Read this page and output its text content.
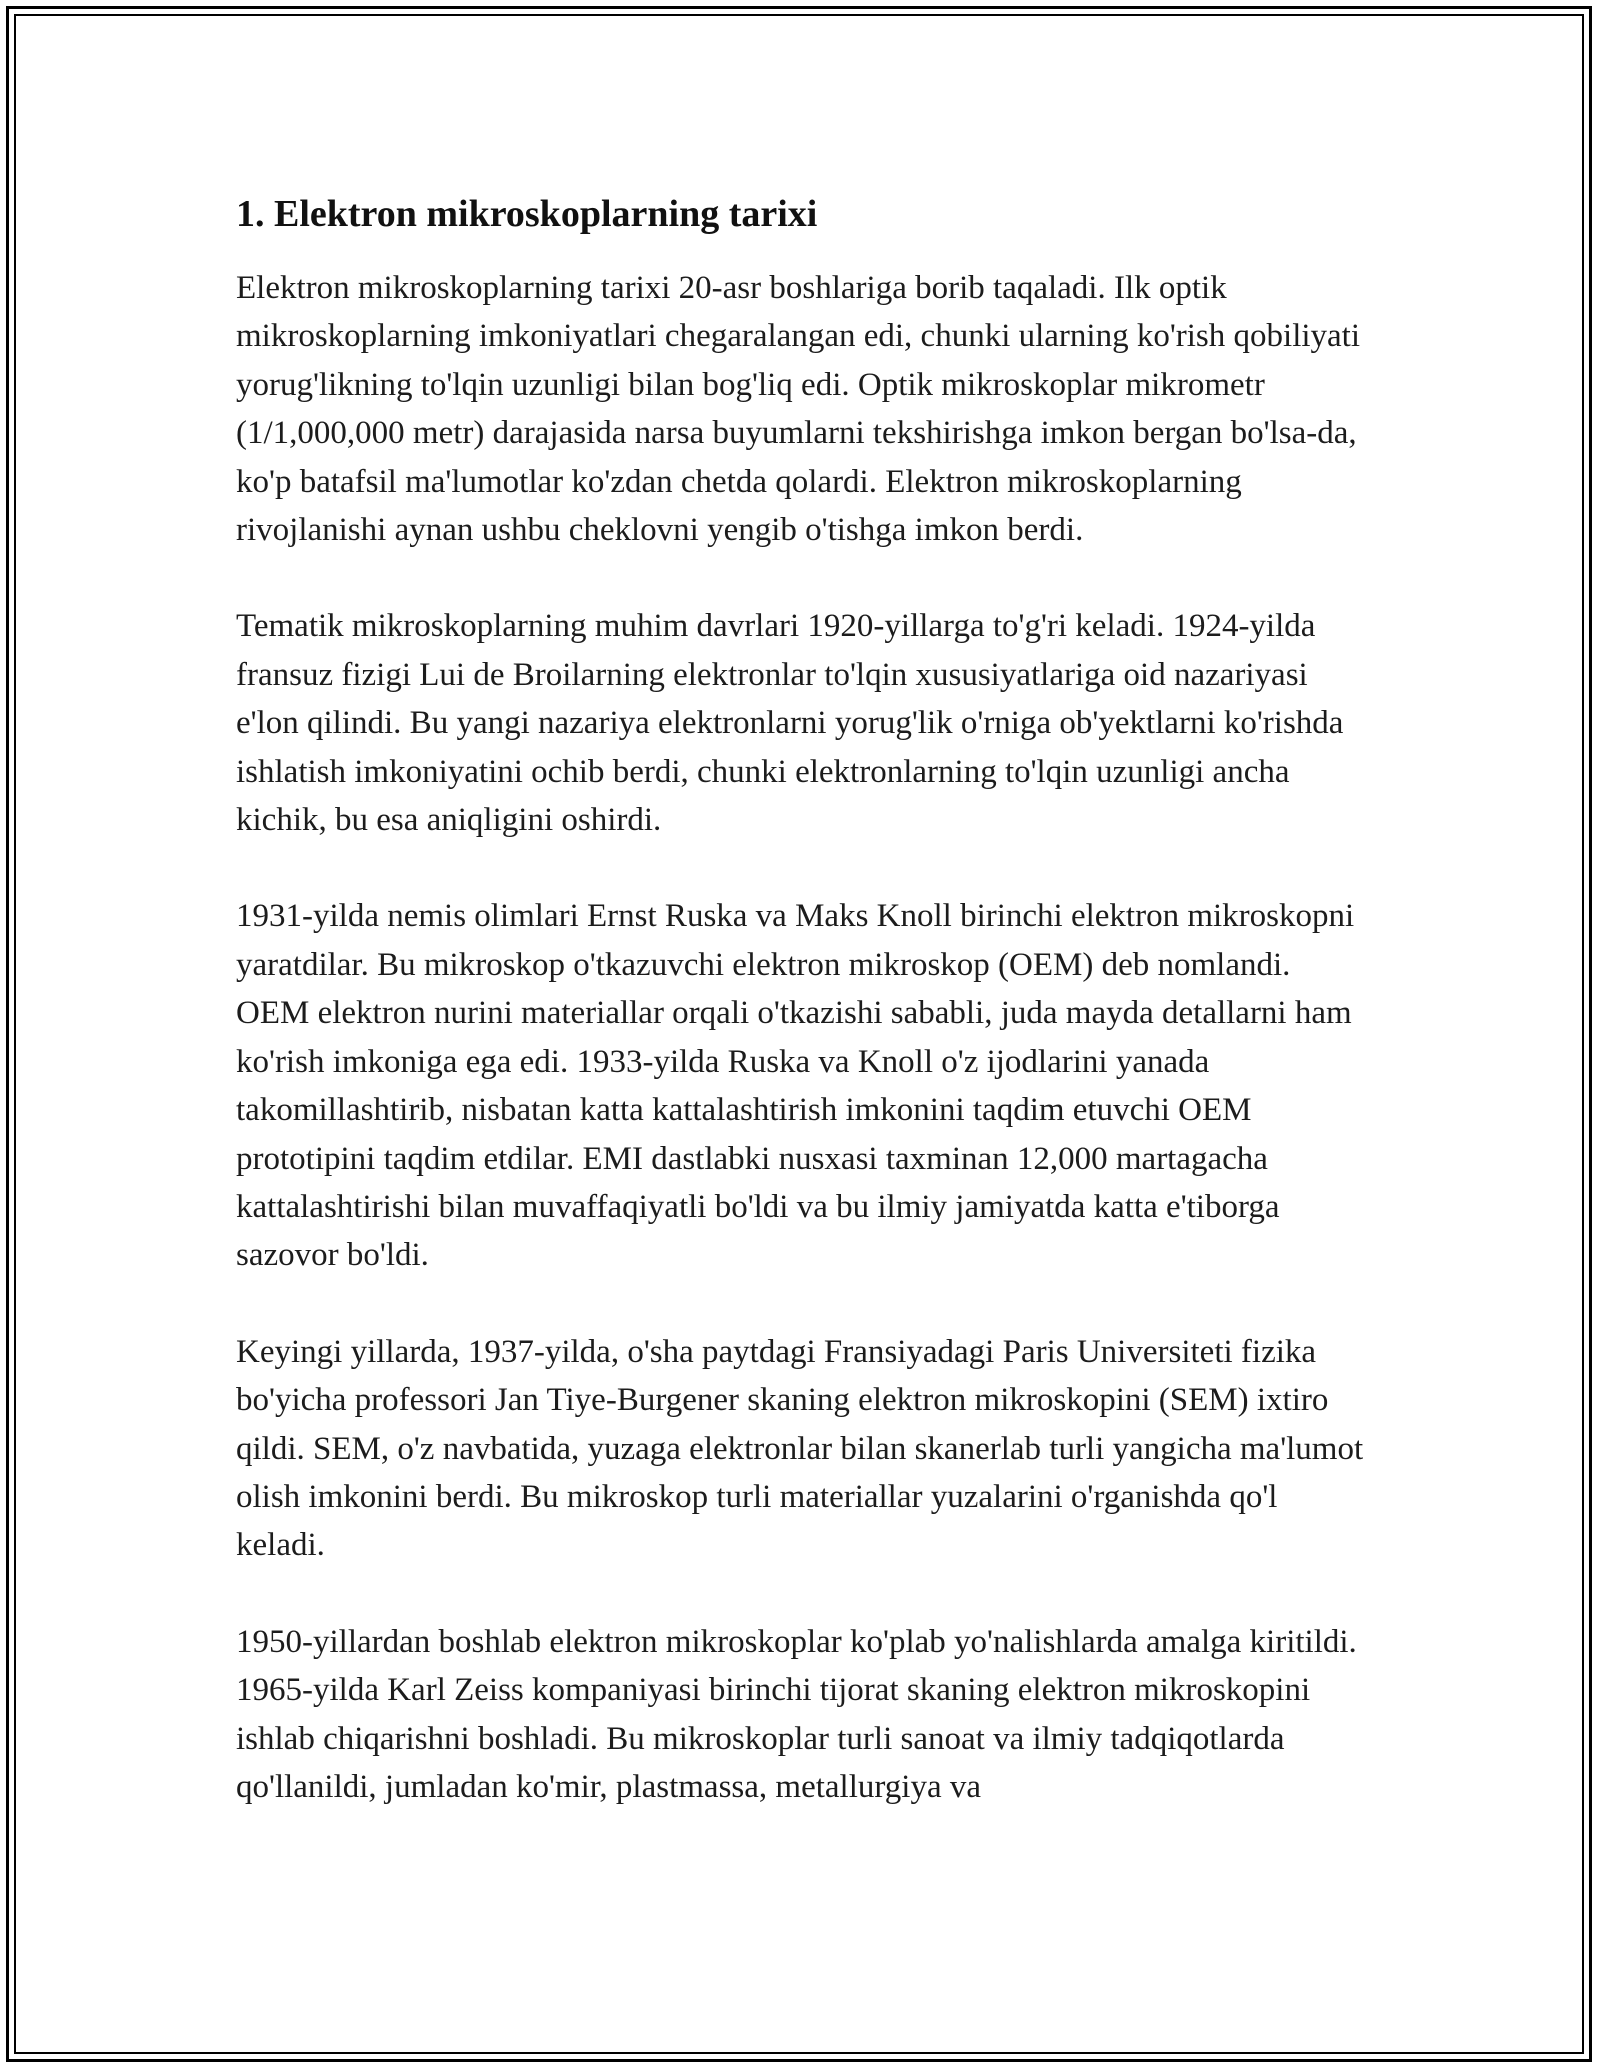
1. Elektron mikroskoplarning tarixi

Elektron mikroskoplarning tarixi 20-asr boshlariga borib taqaladi. Ilk optik mikroskoplarning imkoniyatlari chegaralangan edi, chunki ularning ko'rish qobiliyati yorug'likning to'lqin uzunligi bilan bog'liq edi. Optik mikroskoplar mikrometr (1/1,000,000 metr) darajasida narsa buyumlarni tekshirishga imkon bergan bo'lsa-da, ko'p batafsil ma'lumotlar ko'zdan chetda qolardi. Elektron mikroskoplarning rivojlanishi aynan ushbu cheklovni yengib o'tishga imkon berdi.

Tematik mikroskoplarning muhim davrlari 1920-yillarga to'g'ri keladi. 1924-yilda fransuz fizigi Lui de Broilarning elektronlar to'lqin xususiyatlariga oid nazariyasi e'lon qilindi. Bu yangi nazariya elektronlarni yorug'lik o'rniga ob'yektlarni ko'rishda ishlatish imkoniyatini ochib berdi, chunki elektronlarning to'lqin uzunligi ancha kichik, bu esa aniqligini oshirdi.

1931-yilda nemis olimlari Ernst Ruska va Maks Knoll birinchi elektron mikroskopni yaratdilar. Bu mikroskop o'tkazuvchi elektron mikroskop (OEM) deb nomlandi. OEM elektron nurini materiallar orqali o'tkazishi sababli, juda mayda detallarni ham ko'rish imkoniga ega edi. 1933-yilda Ruska va Knoll o'z ijodlarini yanada takomillashtirib, nisbatan katta kattalashtirish imkonini taqdim etuvchi OEM prototipini taqdim etdilar. EMI dastlabki nusxasi taxminan 12,000 martagacha kattalashtirishi bilan muvaffaqiyatli bo'ldi va bu ilmiy jamiyatda katta e'tiborga sazovor bo'ldi.

Keyingi yillarda, 1937-yilda, o'sha paytdagi Fransiyadagi Paris Universiteti fizika bo'yicha professori Jan Tiye-Burgener skaning elektron mikroskopini (SEM) ixtiro qildi. SEM, o'z navbatida, yuzaga elektronlar bilan skanerlab turli yangicha ma'lumot olish imkonini berdi. Bu mikroskop turli materiallar yuzalarini o'rganishda qo'l keladi.

1950-yillardan boshlab elektron mikroskoplar ko'plab yo'nalishlarda amalga kiritildi. 1965-yilda Karl Zeiss kompaniyasi birinchi tijorat skaning elektron mikroskopini ishlab chiqarishni boshladi. Bu mikroskoplar turli sanoat va ilmiy tadqiqotlarda qo'llanildi, jumladan ko'mir, plastmassa, metallurgiya va
